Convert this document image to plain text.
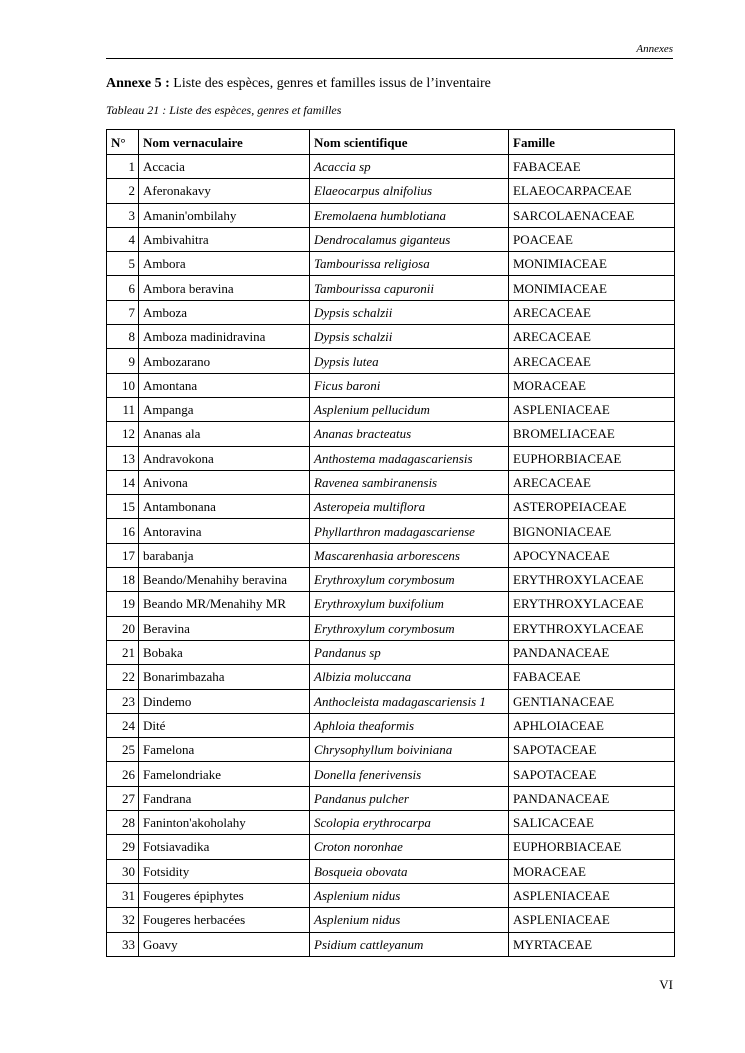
Annexes
Annexe 5 : Liste des espèces, genres et familles issus de l’inventaire
Tableau 21 : Liste des espèces, genres et familles
N°	Nom vernaculaire	Nom scientifique	Famille
1	Accacia	Acaccia sp	FABACEAE
2	Aferonakavy	Elaeocarpus alnifolius	ELAEOCARPACEAE
3	Amanin'ombilahy	Eremolaena humblotiana	SARCOLAENACEAE
4	Ambivahitra	Dendrocalamus giganteus	POACEAE
5	Ambora	Tambourissa religiosa	MONIMIACEAE
6	Ambora beravina	Tambourissa capuronii	MONIMIACEAE
7	Amboza	Dypsis schalzii	ARECACEAE
8	Amboza madinidravina	Dypsis schalzii	ARECACEAE
9	Ambozarano	Dypsis lutea	ARECACEAE
10	Amontana	Ficus baroni	MORACEAE
11	Ampanga	Asplenium pellucidum	ASPLENIACEAE
12	Ananas ala	Ananas bracteatus	BROMELIACEAE
13	Andravokona	Anthostema madagascariensis	EUPHORBIACEAE
14	Anivona	Ravenea sambiranensis	ARECACEAE
15	Antambonana	Asteropeia multiflora	ASTEROPEIACEAE
16	Antoravina	Phyllarthron madagascariense	BIGNONIACEAE
17	barabanja	Mascarenhasia arborescens	APOCYNACEAE
18	Beando/Menahihy beravina	Erythroxylum corymbosum	ERYTHROXYLACEAE
19	Beando MR/Menahihy MR	Erythroxylum buxifolium	ERYTHROXYLACEAE
20	Beravina	Erythroxylum corymbosum	ERYTHROXYLACEAE
21	Bobaka	Pandanus sp	PANDANACEAE
22	Bonarimbazaha	Albizia moluccana	FABACEAE
23	Dindemo	Anthocleista madagascariensis 1	GENTIANACEAE
24	Dité	Aphloia theaformis	APHLOIACEAE
25	Famelona	Chrysophyllum boiviniana	SAPOTACEAE
26	Famelondriake	Donella fenerivensis	SAPOTACEAE
27	Fandrana	Pandanus pulcher	PANDANACEAE
28	Faninton'akoholahy	Scolopia erythrocarpa	SALICACEAE
29	Fotsiavadika	Croton noronhae	EUPHORBIACEAE
30	Fotsidity	Bosqueia obovata	MORACEAE
31	Fougeres épiphytes	Asplenium nidus	ASPLENIACEAE
32	Fougeres herbacées	Asplenium nidus	ASPLENIACEAE
33	Goavy	Psidium cattleyanum	MYRTACEAE
VI
